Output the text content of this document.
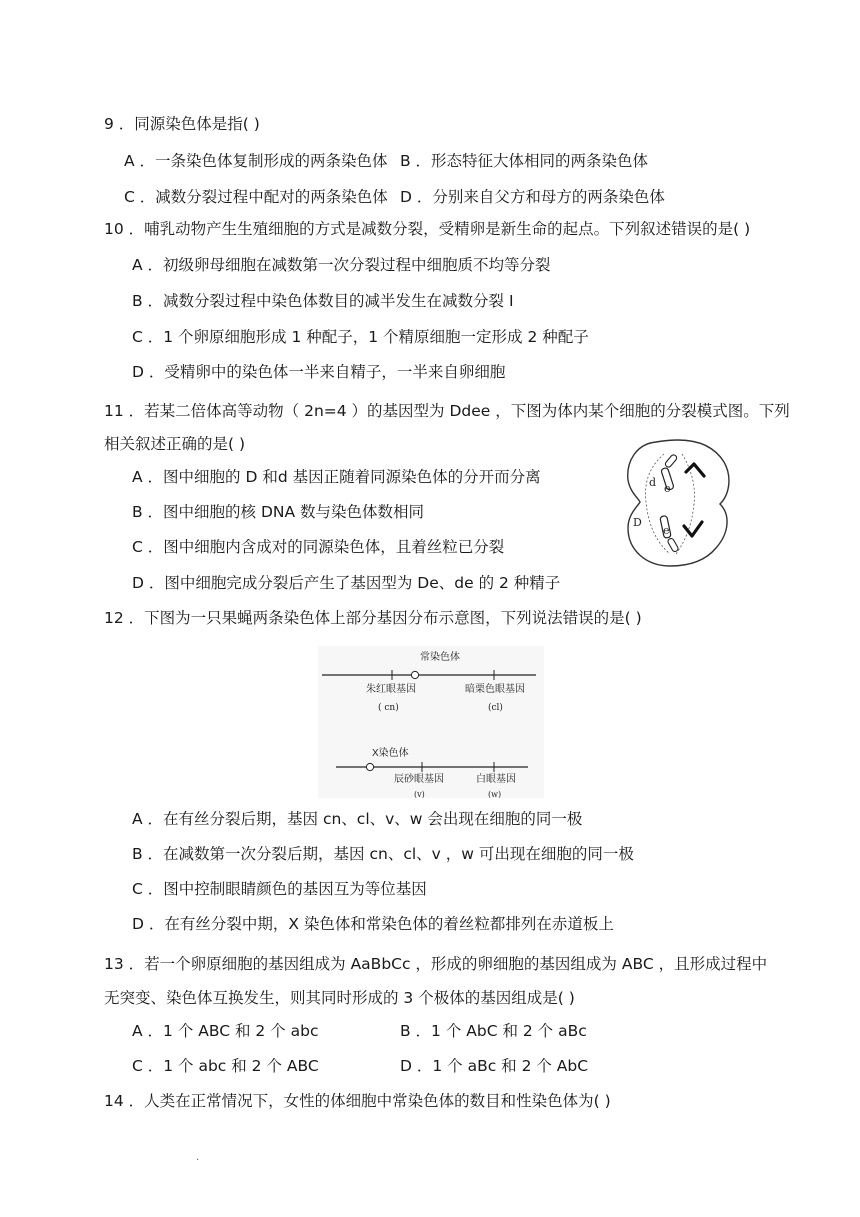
9 ．同源染色体是指( )
A ．一条染色体复制形成的两条染色体 B ．形态特征大体相同的两条染色体
C ．减数分裂过程中配对的两条染色体 D ．分别来自父方和母方的两条染色体
10 ．哺乳动物产生生殖细胞的方式是减数分裂，受精卵是新生命的起点。下列叙述错误的是( )
A ．初级卵母细胞在减数第一次分裂过程中细胞质不均等分裂
B ．减数分裂过程中染色体数目的减半发生在减数分裂 Ⅰ
C ．1 个卵原细胞形成 1 种配子，1 个精原细胞一定形成 2 种配子
D ．受精卵中的染色体一半来自精子，一半来自卵细胞
11 ．若某二倍体高等动物（ 2n=4 ）的基因型为 Ddee ，下图为体内某个细胞的分裂模式图。下列
相关叙述正确的是( )
A ．图中细胞的 D 和d 基因正随着同源染色体的分开而分离
B ．图中细胞的核 DNA 数与染色体数相同
C ．图中细胞内含成对的同源染色体，且着丝粒已分裂
D ．图中细胞完成分裂后产生了基因型为 De、de 的 2 种精子
d e
D
e
12 ．下图为一只果蝇两条染色体上部分基因分布示意图，下列说法错误的是( )
常染色体
朱红眼基因
( cn)
暗栗色眼基因
(cl)
X染色体
辰砂眼基因
(v)
白眼基因
(w)
A ．在有丝分裂后期，基因 cn、cl、v、w 会出现在细胞的同一极
B ．在减数第一次分裂后期，基因 cn、cl、v ，w 可出现在细胞的同一极
C ．图中控制眼睛颜色的基因互为等位基因
D ．在有丝分裂中期，X 染色体和常染色体的着丝粒都排列在赤道板上
13 ．若一个卵原细胞的基因组成为 AaBbCc ，形成的卵细胞的基因组成为 ABC ，且形成过程中
无突变、染色体互换发生，则其同时形成的 3 个极体的基因组成是( )
A ．1 个 ABC 和 2 个 abc	B ．1 个 AbC 和 2 个 aBc
C ．1 个 abc 和 2 个 ABC	D ．1 个 aBc 和 2 个 AbC
14 ．人类在正常情况下，女性的体细胞中常染色体的数目和性染色体为( )
.
